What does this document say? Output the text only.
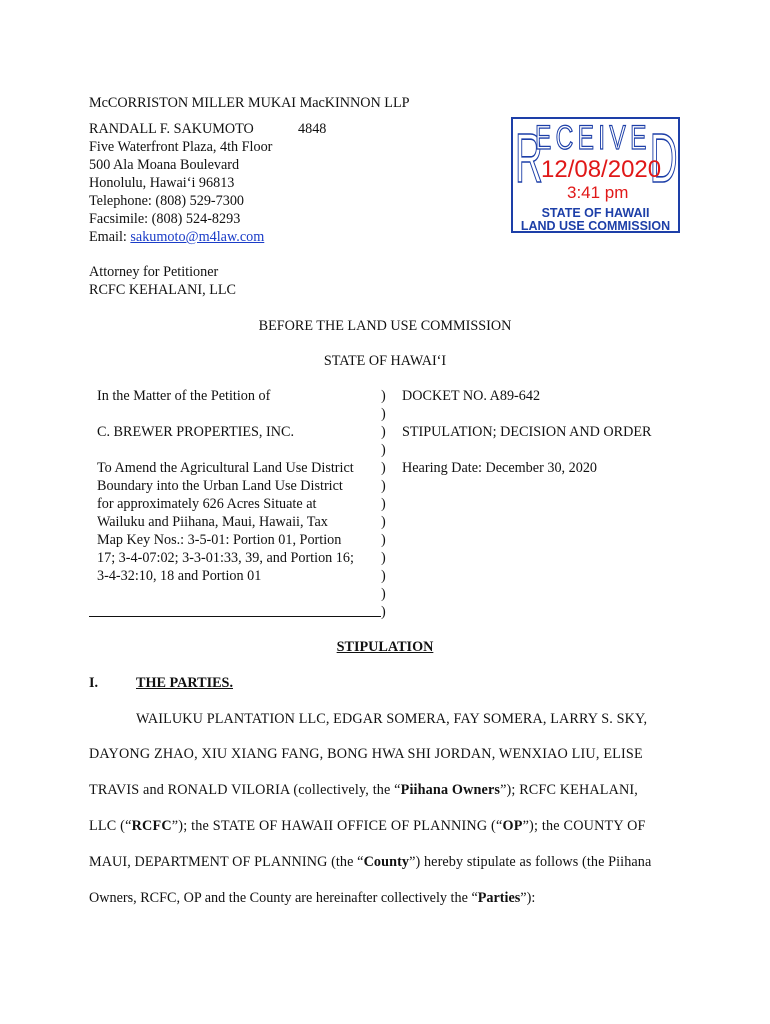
McCORRISTON MILLER MUKAI MacKINNON LLP
RANDALL F. SAKUMOTO	4848
Five Waterfront Plaza, 4th Floor
500 Ala Moana Boulevard
Honolulu, Hawai‘i 96813
Telephone: (808) 529-7300
Facsimile: (808) 524-8293
Email: sakumoto@m4law.com
Attorney for Petitioner
RCFC KEHALANI, LLC
R
ECEIVE D
12/08/2020
3:41 pm
STATE OF HAWAII
LAND USE COMMISSION
BEFORE THE LAND USE COMMISSION
STATE OF HAWAI‘I
In the Matter of the Petition of
C. BREWER PROPERTIES, INC.
To Amend the Agricultural Land Use District
Boundary into the Urban Land Use District
for approximately 626 Acres Situate at
Wailuku and Piihana, Maui, Hawaii, Tax
Map Key Nos.: 3-5-01: Portion 01, Portion
17; 3-4-07:02; 3-3-01:33, 39, and Portion 16;
3-4-32:10, 18 and Portion 01
)
)
)
)
)
)
)
)
)
)
)
)
)
DOCKET NO. A89-642
STIPULATION; DECISION AND ORDER
Hearing Date: December 30, 2020
STIPULATION
I.	THE PARTIES.
WAILUKU PLANTATION LLC, EDGAR SOMERA, FAY SOMERA, LARRY S. SKY,
DAYONG ZHAO, XIU XIANG FANG, BONG HWA SHI JORDAN, WENXIAO LIU, ELISE
TRAVIS and RONALD VILORIA (collectively, the “Piihana Owners”); RCFC KEHALANI,
LLC (“RCFC”); the STATE OF HAWAII OFFICE OF PLANNING (“OP”); the COUNTY OF
MAUI, DEPARTMENT OF PLANNING (the “County”) hereby stipulate as follows (the Piihana
Owners, RCFC, OP and the County are hereinafter collectively the “Parties”):
